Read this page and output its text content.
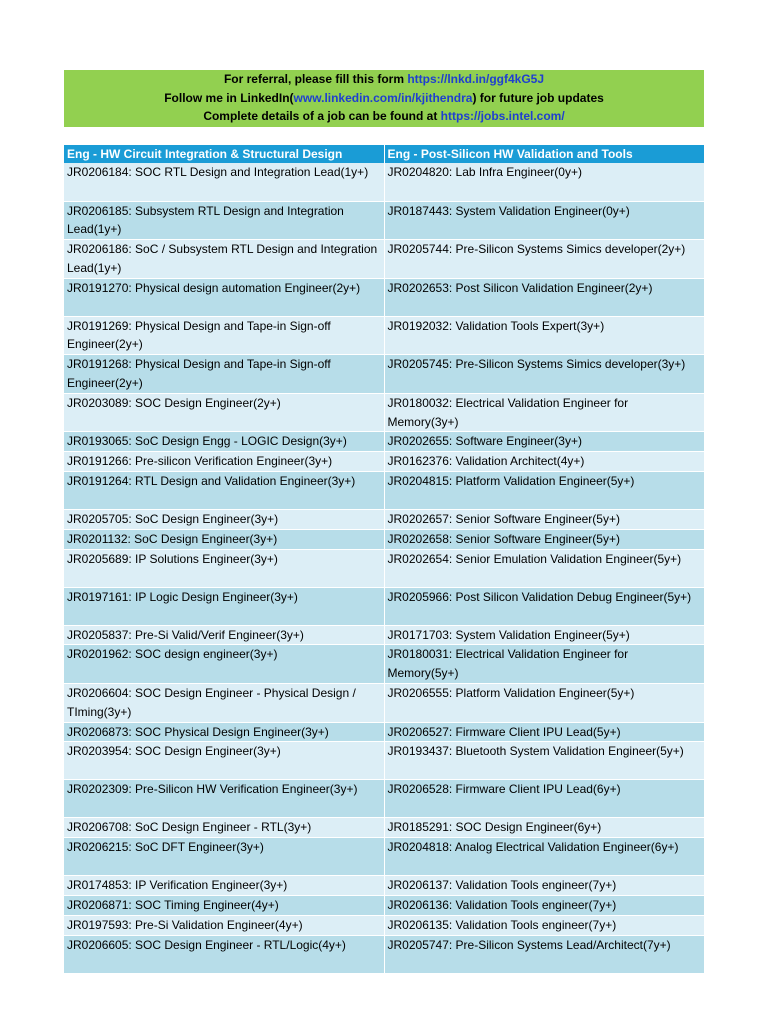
For referral, please fill this form https://lnkd.in/ggf4kG5J
Follow me in LinkedIn(www.linkedin.com/in/kjithendra) for future job updates
Complete details of a job can be found at https://jobs.intel.com/
Eng - HW Circuit Integration & Structural Design	Eng - Post-Silicon HW Validation and Tools
JR0206184: SOC RTL Design and Integration Lead(1y+)	JR0204820: Lab Infra Engineer(0y+)
JR0206185: Subsystem RTL Design and Integration Lead(1y+)	JR0187443: System Validation Engineer(0y+)
JR0206186: SoC / Subsystem RTL Design and Integration Lead(1y+)	JR0205744: Pre-Silicon Systems Simics developer(2y+)
JR0191270: Physical design automation Engineer(2y+)	JR0202653: Post Silicon Validation Engineer(2y+)
JR0191269: Physical Design and Tape-in Sign-off Engineer(2y+)	JR0192032: Validation Tools Expert(3y+)
JR0191268: Physical Design and Tape-in Sign-off Engineer(2y+)	JR0205745: Pre-Silicon Systems Simics developer(3y+)
JR0203089: SOC Design Engineer(2y+)	JR0180032: Electrical Validation Engineer for Memory(3y+)
JR0193065: SoC Design Engg - LOGIC Design(3y+)	JR0202655: Software Engineer(3y+)
JR0191266: Pre-silicon Verification Engineer(3y+)	JR0162376: Validation Architect(4y+)
JR0191264: RTL Design and Validation Engineer(3y+)	JR0204815: Platform Validation Engineer(5y+)
JR0205705: SoC Design Engineer(3y+)	JR0202657: Senior Software Engineer(5y+)
JR0201132: SoC Design Engineer(3y+)	JR0202658: Senior Software Engineer(5y+)
JR0205689: IP Solutions Engineer(3y+)	JR0202654: Senior Emulation Validation Engineer(5y+)
JR0197161: IP Logic Design Engineer(3y+)	JR0205966: Post Silicon Validation Debug Engineer(5y+)
JR0205837: Pre-Si Valid/Verif Engineer(3y+)	JR0171703: System Validation Engineer(5y+)
JR0201962: SOC design engineer(3y+)	JR0180031: Electrical Validation Engineer for Memory(5y+)
JR0206604: SOC Design Engineer - Physical Design / TIming(3y+)	JR0206555: Platform Validation Engineer(5y+)
JR0206873: SOC Physical Design Engineer(3y+)	JR0206527: Firmware Client IPU Lead(5y+)
JR0203954: SOC Design Engineer(3y+)	JR0193437: Bluetooth System Validation Engineer(5y+)
JR0202309: Pre-Silicon HW Verification Engineer(3y+)	JR0206528: Firmware Client IPU Lead(6y+)
JR0206708: SoC Design Engineer - RTL(3y+)	JR0185291: SOC Design Engineer(6y+)
JR0206215: SoC DFT Engineer(3y+)	JR0204818: Analog Electrical Validation Engineer(6y+)
JR0174853: IP Verification Engineer(3y+)	JR0206137: Validation Tools engineer(7y+)
JR0206871: SOC Timing Engineer(4y+)	JR0206136: Validation Tools engineer(7y+)
JR0197593: Pre-Si Validation Engineer(4y+)	JR0206135: Validation Tools engineer(7y+)
JR0206605: SOC Design Engineer - RTL/Logic(4y+)	JR0205747: Pre-Silicon Systems Lead/Architect(7y+)
